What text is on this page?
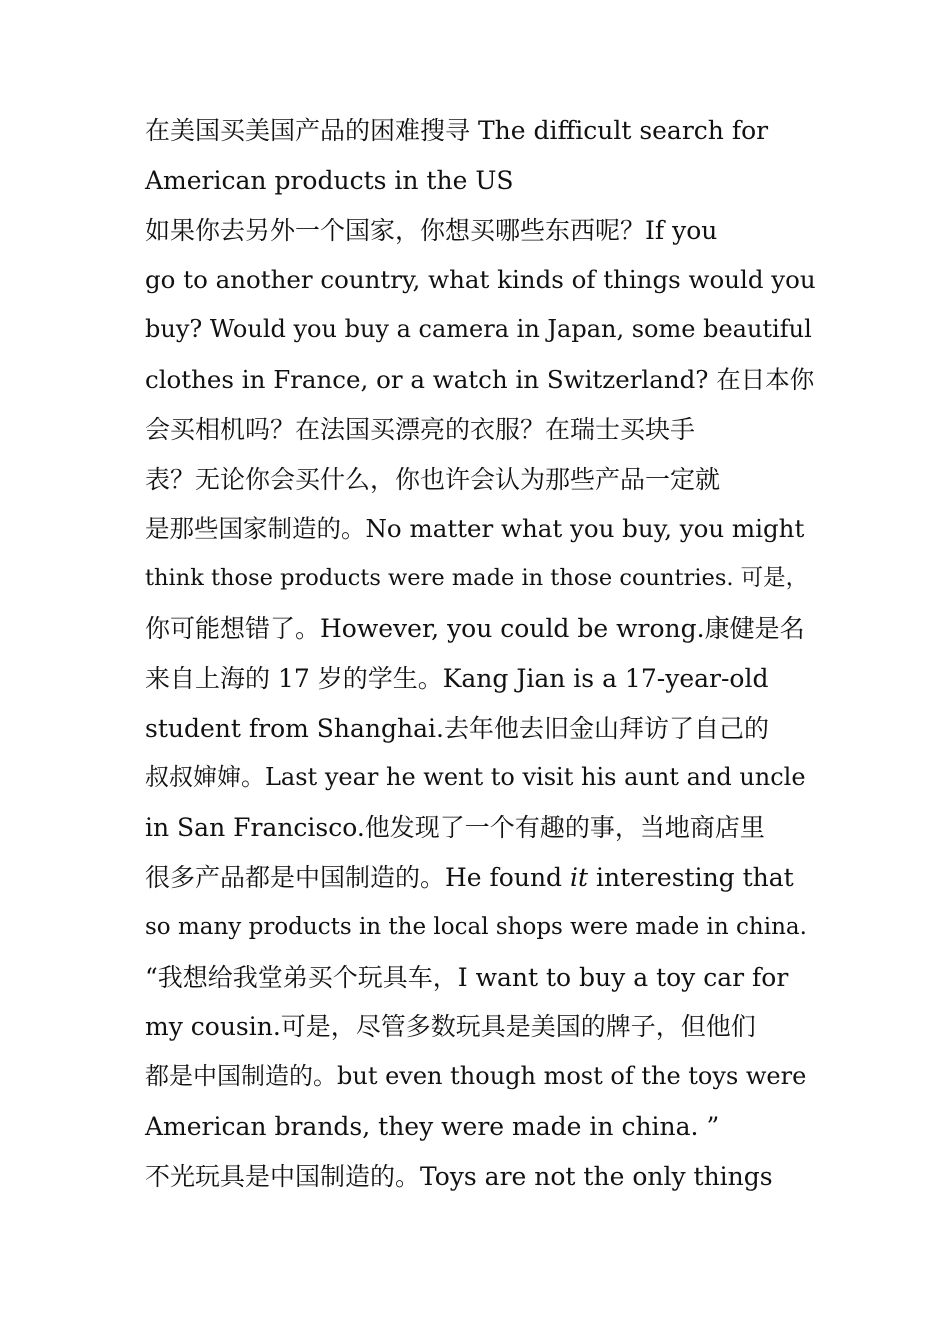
在美国买美国产品的困难搜寻 The difficult search for
American products in the US
如果你去另外一个国家，你想买哪些东西呢？If you
go to another country, what kinds of things would you
buy? Would you buy a camera in Japan, some beautiful
clothes in France, or a watch in Switzerland? 在日本你
会买相机吗？在法国买漂亮的衣服？在瑞士买块手
表？无论你会买什么，你也许会认为那些产品一定就
是那些国家制造的。No matter what you buy, you might
think those products were made in those countries. 可是，
你可能想错了。However, you could be wrong.康健是名
来自上海的 17 岁的学生。Kang Jian is a 17-year-old
student from Shanghai.去年他去旧金山拜访了自己的
叔叔婶婶。Last year he went to visit his aunt and uncle
in San Francisco.他发现了一个有趣的事，当地商店里
很多产品都是中国制造的。He found it interesting that
so many products in the local shops were made in china.
“我想给我堂弟买个玩具车，I want to buy a toy car for
my cousin.可是，尽管多数玩具是美国的牌子，但他们
都是中国制造的。but even though most of the toys were
American brands, they were made in china. ”
不光玩具是中国制造的。Toys are not the only things
